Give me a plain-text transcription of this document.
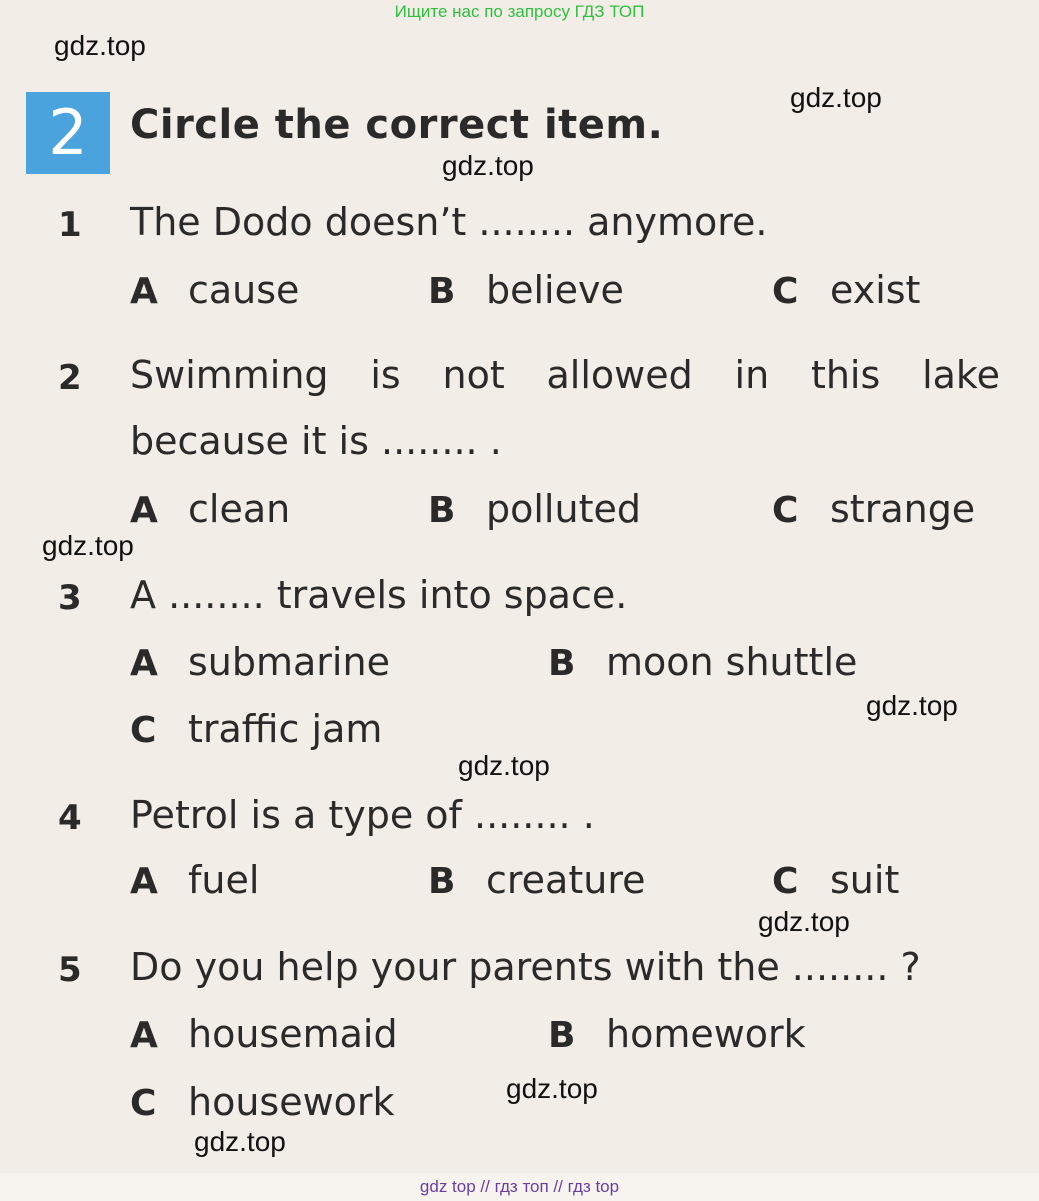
Ищите нас по запросу ГДЗ ТОП
2	Circle the correct item.
1 The Dodo doesn’t ........ anymore.
A cause	B believe	C exist
2 Swimming is not allowed in this lake
because it is ........ .
A clean	B polluted	C strange
3 A ........ travels into space.
A submarine	B moon shuttle
C traffic jam
4 Petrol is a type of ........ .
A fuel	B creature	C suit
5 Do you help your parents with the ........ ?
A housemaid	B homework
C housework
gdz.top
gdz.top
gdz.top
gdz.top
gdz.top
gdz.top
gdz.top
gdz.top
gdz.top
gdz top // гдз топ // гдз top
